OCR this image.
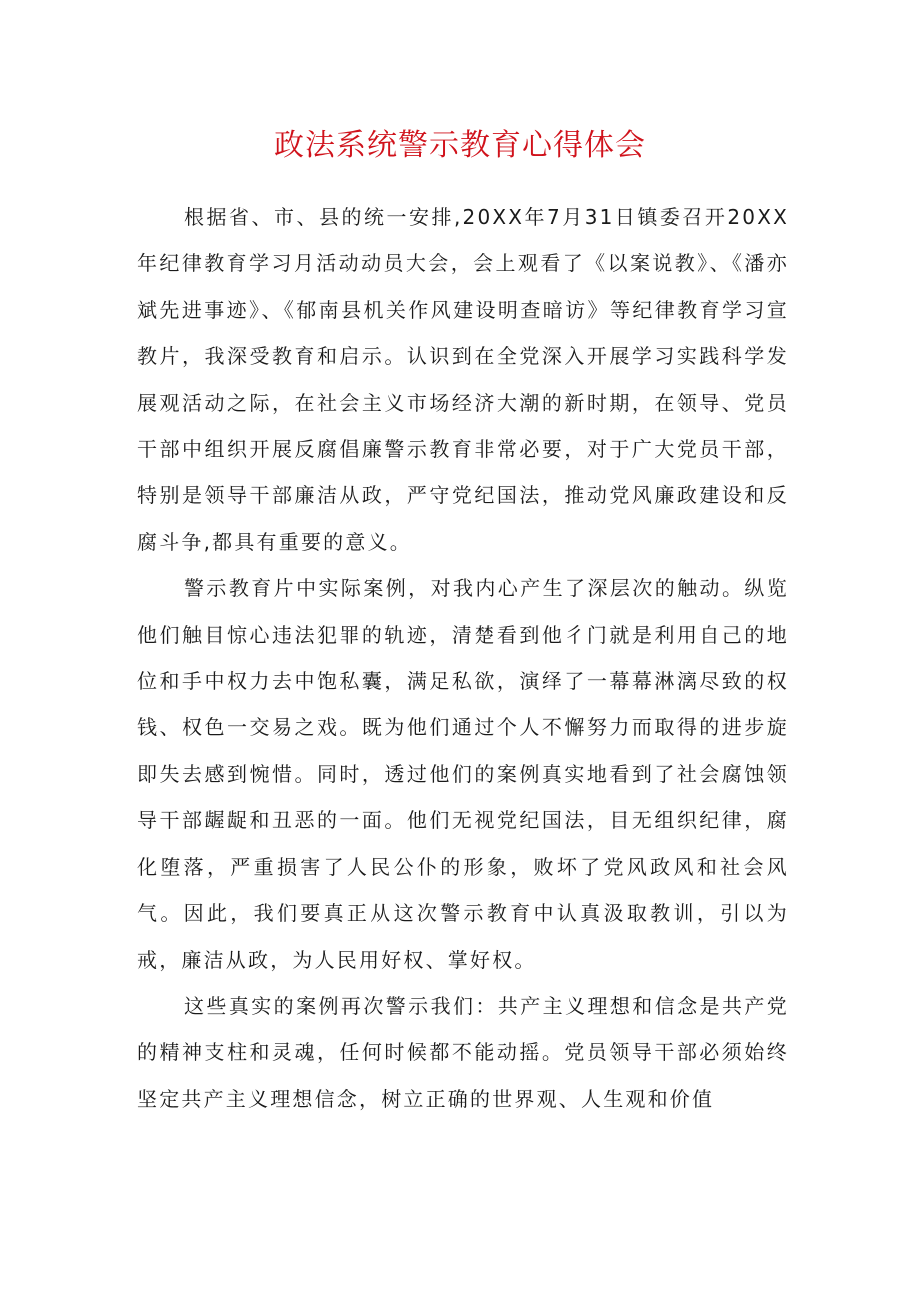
政法系统警示教育心得体会

根据省、市、县的统一安排,20XX年7月31日镇委召开20XX年纪律教育学习月活动动员大会，会上观看了《以案说教》、《潘亦斌先进事迹》、《郁南县机关作风建设明查暗访》等纪律教育学习宣教片，我深受教育和启示。认识到在全党深入开展学习实践科学发展观活动之际，在社会主义市场经济大潮的新时期，在领导、党员干部中组织开展反腐倡廉警示教育非常必要，对于广大党员干部，特别是领导干部廉洁从政，严守党纪国法，推动党风廉政建设和反腐斗争,都具有重要的意义。

警示教育片中实际案例，对我内心产生了深层次的触动。纵览他们触目惊心违法犯罪的轨迹，清楚看到他彳门就是利用自己的地位和手中权力去中饱私囊，满足私欲，演绎了一幕幕淋漓尽致的权钱、权色一交易之戏。既为他们通过个人不懈努力而取得的进步旋即失去感到惋惜。同时，透过他们的案例真实地看到了社会腐蚀领导干部龌龊和丑恶的一面。他们无视党纪国法，目无组织纪律，腐化堕落，严重损害了人民公仆的形象，败坏了党风政风和社会风气。因此，我们要真正从这次警示教育中认真汲取教训，引以为戒，廉洁从政，为人民用好权、掌好权。

这些真实的案例再次警示我们：共产主义理想和信念是共产党的精神支柱和灵魂，任何时候都不能动摇。党员领导干部必须始终坚定共产主义理想信念，树立正确的世界观、人生观和价值
